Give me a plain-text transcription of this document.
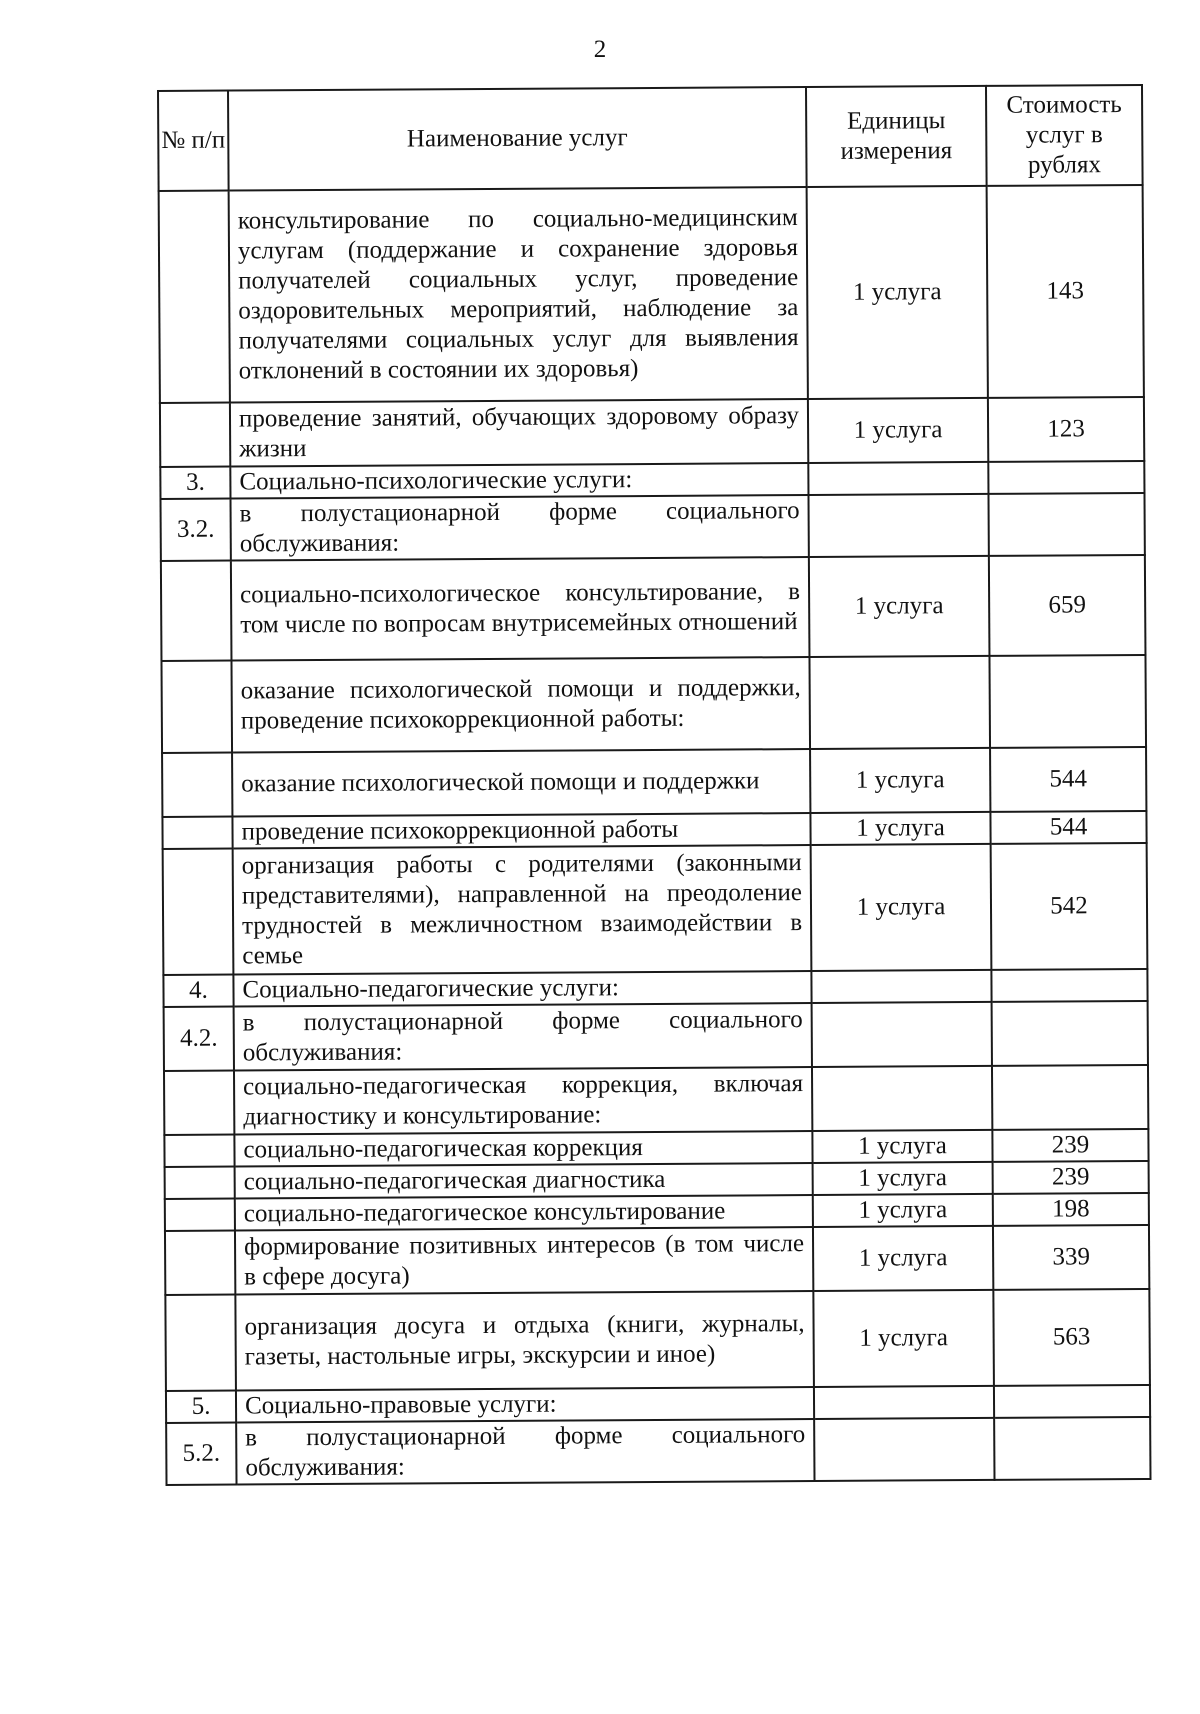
2
№ п/п	Наименование услуг	Единицы измерения	Стоимость услуг в рублях
	консультирование по социально-медицинским услугам (поддержание и сохранение здоровья получателей социальных услуг, проведение оздоровительных мероприятий, наблюдение за получателями социальных услуг для выявления отклонений в состоянии их здоровья)	1 услуга	143
	проведение занятий, обучающих здоровому образу жизни	1 услуга	123
3.	Социально-психологические услуги:		
3.2.	в полустационарной форме социального обслуживания:		
	социально-психологическое консультирование, в том числе по вопросам внутрисемейных отношений	1 услуга	659
	оказание психологической помощи и поддержки, проведение психокоррекционной работы:		
	оказание психологической помощи и поддержки	1 услуга	544
	проведение психокоррекционной работы	1 услуга	544
	организация работы с родителями (законными представителями), направленной на преодоление трудностей в межличностном взаимодействии в семье	1 услуга	542
4.	Социально-педагогические услуги:		
4.2.	в полустационарной форме социального обслуживания:		
	социально-педагогическая коррекция, включая диагностику и консультирование:		
	социально-педагогическая коррекция	1 услуга	239
	социально-педагогическая диагностика	1 услуга	239
	социально-педагогическое консультирование	1 услуга	198
	формирование позитивных интересов (в том числе в сфере досуга)	1 услуга	339
	организация досуга и отдыха (книги, журналы, газеты, настольные игры, экскурсии и иное)	1 услуга	563
5.	Социально-правовые услуги:		
5.2.	в полустационарной форме социального обслуживания:		
